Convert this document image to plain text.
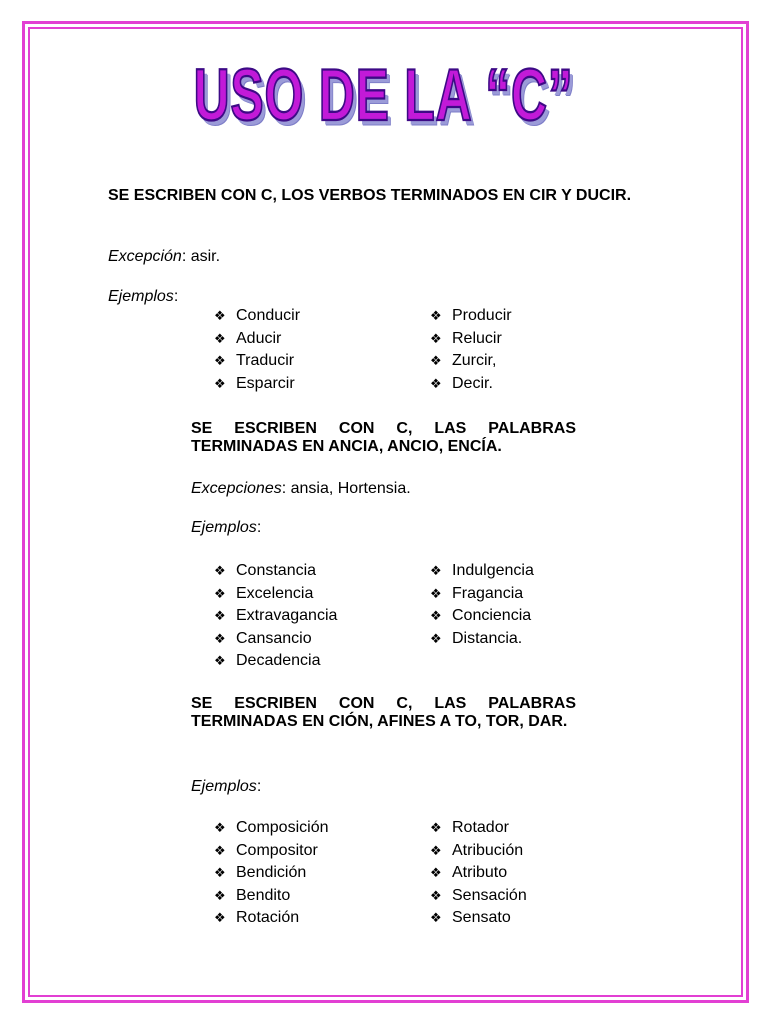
USO DE LA “C”
SE ESCRIBEN CON C, LOS VERBOS TERMINADOS EN CIR Y DUCIR.
Excepción: asir.
Ejemplos:
❖ Conducir
❖ Aducir
❖ Traducir
❖ Esparcir
❖ Producir
❖ Relucir
❖ Zurcir,
❖ Decir.
SE ESCRIBEN CON C, LAS PALABRAS TERMINADAS EN ANCIA, ANCIO, ENCÍA.
Excepciones: ansia, Hortensia.
Ejemplos:
❖ Constancia
❖ Excelencia
❖ Extravagancia
❖ Cansancio
❖ Decadencia
❖ Indulgencia
❖ Fragancia
❖ Conciencia
❖ Distancia.
SE ESCRIBEN CON C, LAS PALABRAS TERMINADAS EN CIÓN, AFINES A TO, TOR, DAR.
Ejemplos:
❖ Composición
❖ Compositor
❖ Bendición
❖ Bendito
❖ Rotación
❖ Rotador
❖ Atribución
❖ Atributo
❖ Sensación
❖ Sensato
